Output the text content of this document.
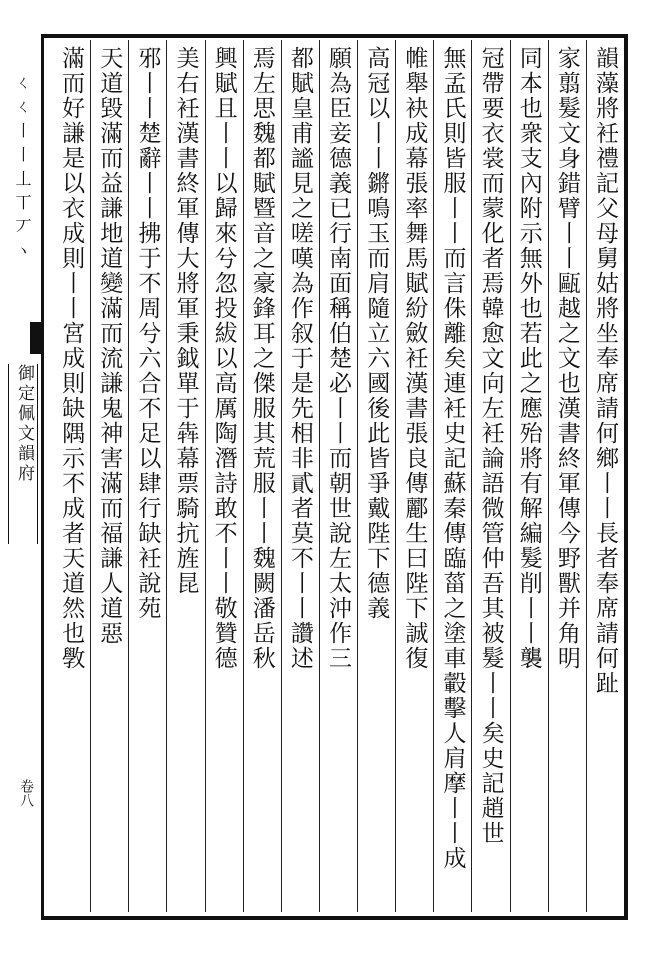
ㄑㄑ丨丨丄丅丆ヽ
御定佩文韻府
卷八
韻藻將衽禮記父母舅姑將坐奉席請何鄉丨丨長者奉席請何趾
家翦髮文身錯臂丨丨甌越之文也漢書終軍傳今野獸并角明
同本也衆支內附示無外也若此之應殆將有解編髮削丨丨襲
冠帶要衣裳而蒙化者焉韓愈文向左衽論語微管仲吾其被髮丨丨矣史記趙世
無孟氏則皆服丨丨而言侏離矣連衽史記蘇秦傳臨菑之塗車轂擊人肩摩丨丨成
帷舉袂成幕張率舞馬賦紛斂衽漢書張良傳酈生曰陛下誠復
高冠以丨丨鏘鳴玉而肩隨立六國後此皆爭戴陛下德義
願為臣妾德義已行南面稱伯楚必丨丨而朝世說左太沖作三
都賦皇甫謐見之嗟嘆為作叙于是先相非貳者莫不丨丨讚述
焉左思魏都賦暨音之豪鋒耳之傑服其荒服丨丨魏闕潘岳秋
興賦且丨丨以歸來兮忽投紱以高厲陶潛詩敢不丨丨敬贊德
美右衽漢書終軍傳大將軍秉鉞單于犇幕票騎抗旌昆
邪丨丨楚辭丨丨拂于不周兮六合不足以肆行缺衽說苑
天道毀滿而益謙地道變滿而流謙鬼神害滿而福謙人道惡
滿而好謙是以衣成則丨丨宮成則缺隅示不成者天道然也斆
